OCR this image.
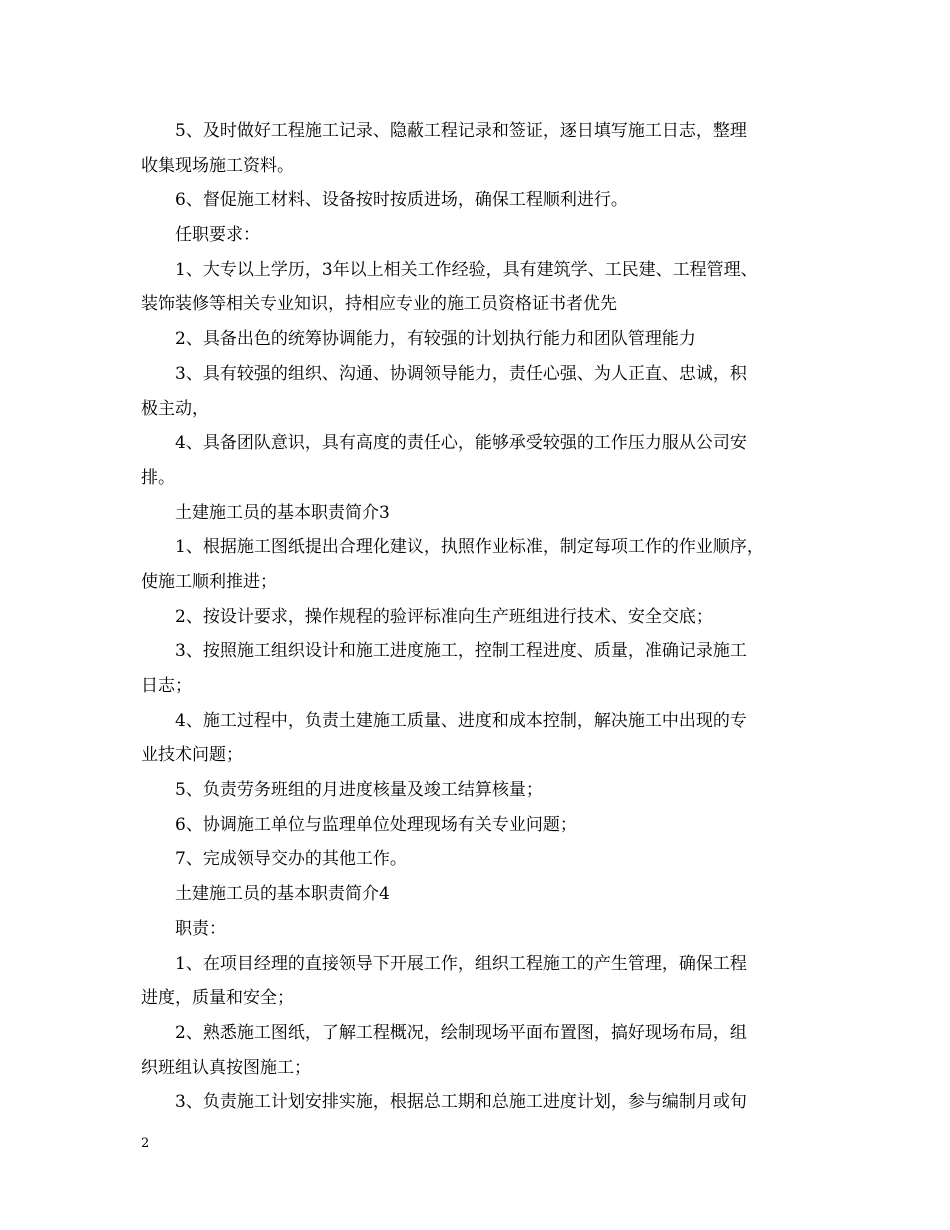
5、及时做好工程施工记录、隐蔽工程记录和签证，逐日填写施工日志，整理
收集现场施工资料。
6、督促施工材料、设备按时按质进场，确保工程顺利进行。
任职要求：
1、大专以上学历，3年以上相关工作经验，具有建筑学、工民建、工程管理、
装饰装修等相关专业知识，持相应专业的施工员资格证书者优先
2、具备出色的统筹协调能力，有较强的计划执行能力和团队管理能力
3、具有较强的组织、沟通、协调领导能力，责任心强、为人正直、忠诚，积
极主动，
4、具备团队意识，具有高度的责任心，能够承受较强的工作压力服从公司安
排。
土建施工员的基本职责简介3
1、根据施工图纸提出合理化建议，执照作业标准，制定每项工作的作业顺序，
使施工顺利推进；
2、按设计要求，操作规程的验评标准向生产班组进行技术、安全交底；
3、按照施工组织设计和施工进度施工，控制工程进度、质量，准确记录施工
日志；
4、施工过程中，负责土建施工质量、进度和成本控制，解决施工中出现的专
业技术问题；
5、负责劳务班组的月进度核量及竣工结算核量；
6、协调施工单位与监理单位处理现场有关专业问题；
7、完成领导交办的其他工作。
土建施工员的基本职责简介4
职责：
1、在项目经理的直接领导下开展工作，组织工程施工的产生管理，确保工程
进度，质量和安全；
2、熟悉施工图纸，了解工程概况，绘制现场平面布置图，搞好现场布局，组
织班组认真按图施工；
3、负责施工计划安排实施，根据总工期和总施工进度计划，参与编制月或旬
2
